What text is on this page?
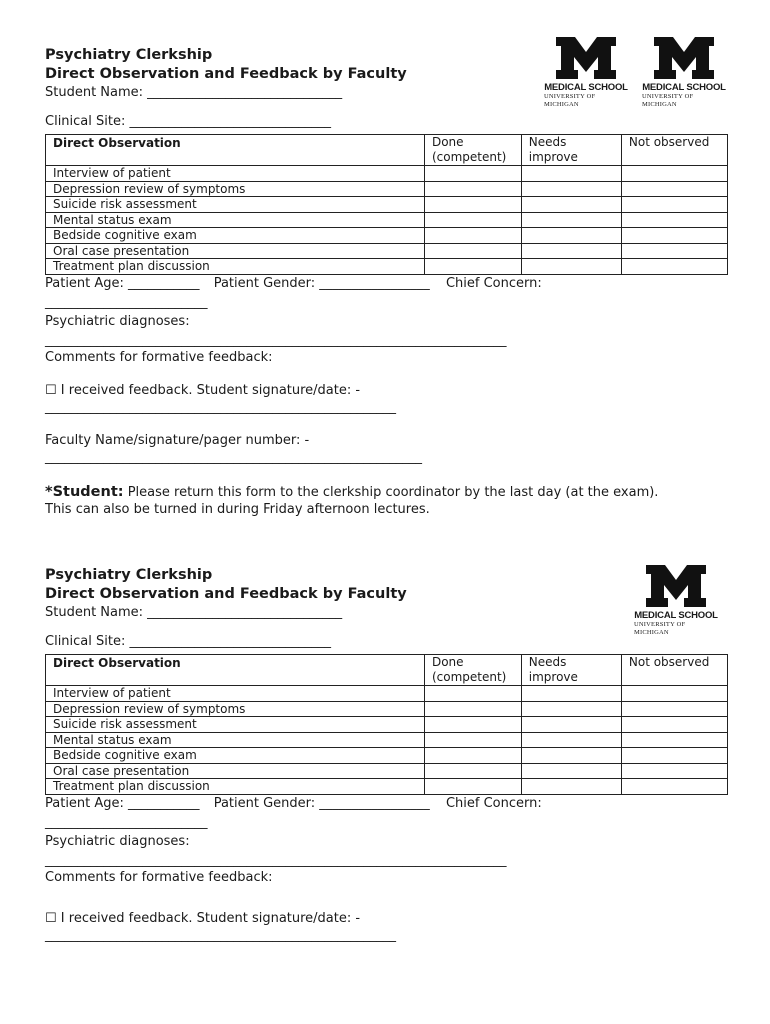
Psychiatry Clerkship

Direct Observation and Feedback by Faculty

Student Name: ______________________________
Clinical Site: _______________________________
Direct Observation	Done (competent)	Needs improve	Not observed
Interview of patient			
Depression review of symptoms			
Suicide risk assessment			
Mental status exam			
Bedside cognitive exam			
Oral case presentation			
Treatment plan discussion			
Patient Age: ___________ Patient Gender: _________________ Chief Concern:
_________________________
Psychiatric diagnoses:
_______________________________________________________________________
Comments for formative feedback:
☐ I received feedback. Student signature/date: -
______________________________________________________
Faculty Name/signature/pager number: -
__________________________________________________________
*Student: Please return this form to the clerkship coordinator by the last day (at the exam).
This can also be turned in during Friday afternoon lectures.
MEDICAL SCHOOL
UNIVERSITY OF MICHIGAN
MEDICAL SCHOOL
UNIVERSITY OF MICHIGAN

Psychiatry Clerkship

Direct Observation and Feedback by Faculty

Student Name: ______________________________
Clinical Site: _______________________________
Direct Observation	Done (competent)	Needs improve	Not observed
Interview of patient			
Depression review of symptoms			
Suicide risk assessment			
Mental status exam			
Bedside cognitive exam			
Oral case presentation			
Treatment plan discussion			
Patient Age: ___________ Patient Gender: _________________ Chief Concern:
_________________________
Psychiatric diagnoses:
_______________________________________________________________________
Comments for formative feedback:
☐ I received feedback. Student signature/date: -
______________________________________________________
MEDICAL SCHOOL
UNIVERSITY OF MICHIGAN
